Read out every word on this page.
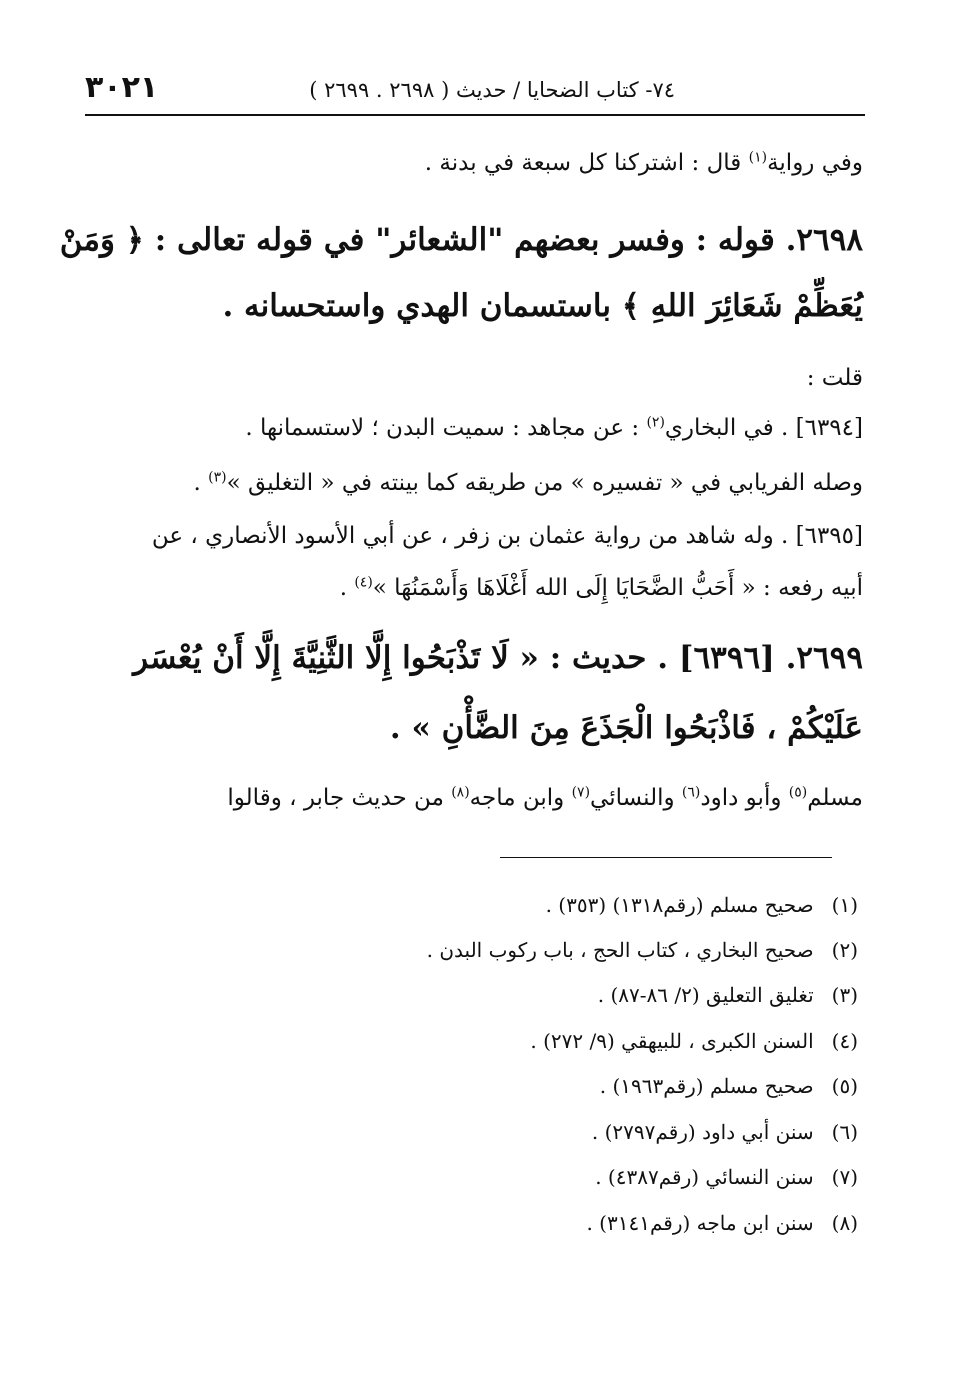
٣٠٢١	٧٤- كتاب الضحايا / حديث ( ٢٦٩٨ . ٢٦٩٩ )
وفي رواية$^{(١)}$ قال : اشتركنا كل سبعة في بدنة .
٢٦٩٨. قوله : وفسر بعضهم "الشعائر" في قوله تعالى : ﴿ وَمَنْ
يُعَظِّمْ شَعَائِرَ اللهِ ﴾ باستسمان الهدي واستحسانه .
قلت :
[٦٣٩٤] . في البخاري$^{(٢)}$ : عن مجاهد : سميت البدن ؛ لاستسمانها .
وصله الفريابي في « تفسيره » من طريقه كما بينته في « التغليق »$^{(٣)}$ .
[٦٣٩٥] . وله شاهد من رواية عثمان بن زفر ، عن أبي الأسود الأنصاري ، عن
أبيه رفعه : « أَحَبُّ الضَّحَايَا إِلَى الله أَغْلَاهَا وَأَسْمَنُهَا »$^{(٤)}$ .
٢٦٩٩. [٦٣٩٦] . حديث : « لَا تَذْبَحُوا إِلَّا الثَّنِيَّةَ إِلَّا أَنْ يُعْسَر
عَلَيْكُمْ ، فَاذْبَحُوا الْجَذَعَ مِنَ الضَّأْنِ » .
مسلم$^{(٥)}$ وأبو داود$^{(٦)}$ والنسائي$^{(٧)}$ وابن ماجه$^{(٨)}$ من حديث جابر ، وقالوا
(١) صحيح مسلم (رقم١٣١٨) (٣٥٣) .
(٢) صحيح البخاري ، كتاب الحج ، باب ركوب البدن .
(٣) تغليق التعليق (٢/ ٨٦-٨٧) .
(٤) السنن الكبرى ، للبيهقي (٩/ ٢٧٢) .
(٥) صحيح مسلم (رقم١٩٦٣) .
(٦) سنن أبي داود (رقم٢٧٩٧) .
(٧) سنن النسائي (رقم٤٣٨٧) .
(٨) سنن ابن ماجه (رقم٣١٤١) .
